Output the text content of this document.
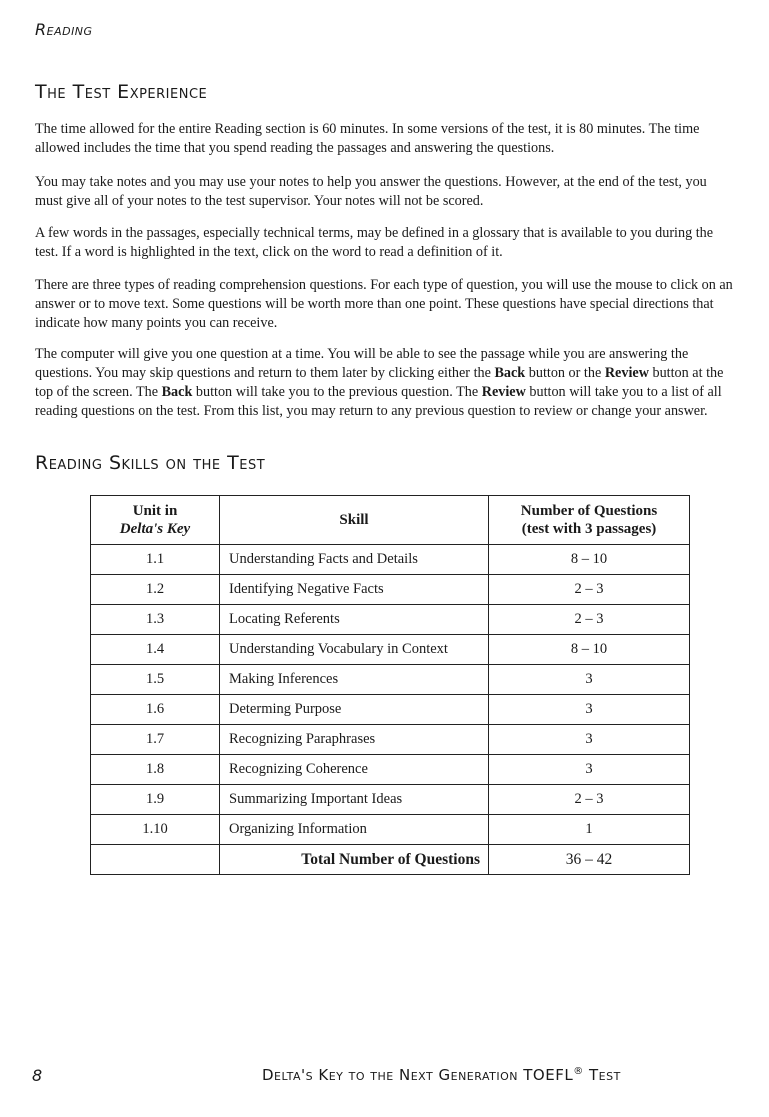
Reading
The Test Experience

The time allowed for the entire Reading section is 60 minutes. In some versions of the test, it is 80 minutes. The time allowed includes the time that you spend reading the passages and answering the questions.

You may take notes and you may use your notes to help you answer the questions. However, at the end of the test, you must give all of your notes to the test supervisor. Your notes will not be scored.

A few words in the passages, especially technical terms, may be defined in a glossary that is available to you during the test. If a word is highlighted in the text, click on the word to read a definition of it.

There are three types of reading comprehension questions. For each type of question, you will use the mouse to click on an answer or to move text. Some questions will be worth more than one point. These questions have special directions that indicate how many points you can receive.

The computer will give you one question at a time. You will be able to see the passage while you are answering the questions. You may skip questions and return to them later by clicking either the Back button or the Review button at the top of the screen. The Back button will take you to the previous question. The Review button will take you to a list of all reading questions on the test. From this list, you may return to any previous question to review or change your answer.

Reading Skills on the Test
Unit in
Delta's Key	Skill	Number of Questions
(test with 3 passages)
1.1	Understanding Facts and Details	8 – 10
1.2	Identifying Negative Facts	2 – 3
1.3	Locating Referents	2 – 3
1.4	Understanding Vocabulary in Context	8 – 10
1.5	Making Inferences	3
1.6	Determing Purpose	3
1.7	Recognizing Paraphrases	3
1.8	Recognizing Coherence	3
1.9	Summarizing Important Ideas	2 – 3
1.10	Organizing Information	1
	Total Number of Questions	36 – 42
8	Delta's Key to the Next Generation TOEFL® Test
